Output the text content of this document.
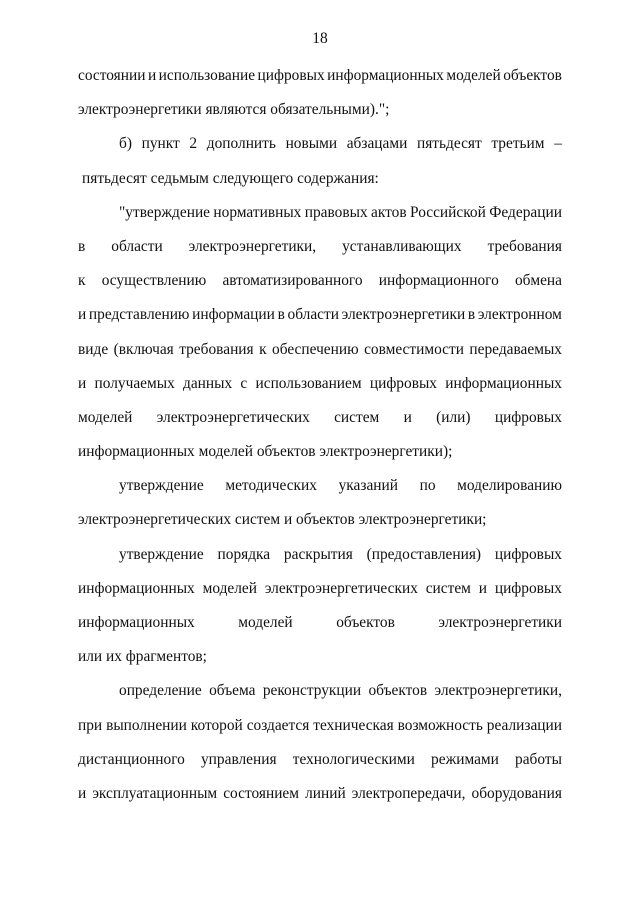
18
состоянии и использование цифровых информационных моделей объектов
электроэнергетики являются обязательными).";
б) пункт 2 дополнить новыми абзацами пятьдесят третьим –
пятьдесят седьмым следующего содержания:
"утверждение нормативных правовых актов Российской Федерации
в области электроэнергетики, устанавливающих требования
к осуществлению автоматизированного информационного обмена
и представлению информации в области электроэнергетики в электронном
виде (включая требования к обеспечению совместимости передаваемых
и получаемых данных с использованием цифровых информационных
моделей электроэнергетических систем и (или) цифровых
информационных моделей объектов электроэнергетики);
утверждение методических указаний по моделированию
электроэнергетических систем и объектов электроэнергетики;
утверждение порядка раскрытия (предоставления) цифровых
информационных моделей электроэнергетических систем и цифровых
информационных	моделей	объектов	электроэнергетики
или их фрагментов;
определение объема реконструкции объектов электроэнергетики,
при выполнении которой создается техническая возможность реализации
дистанционного управления технологическими режимами работы
и эксплуатационным состоянием линий электропередачи, оборудования
